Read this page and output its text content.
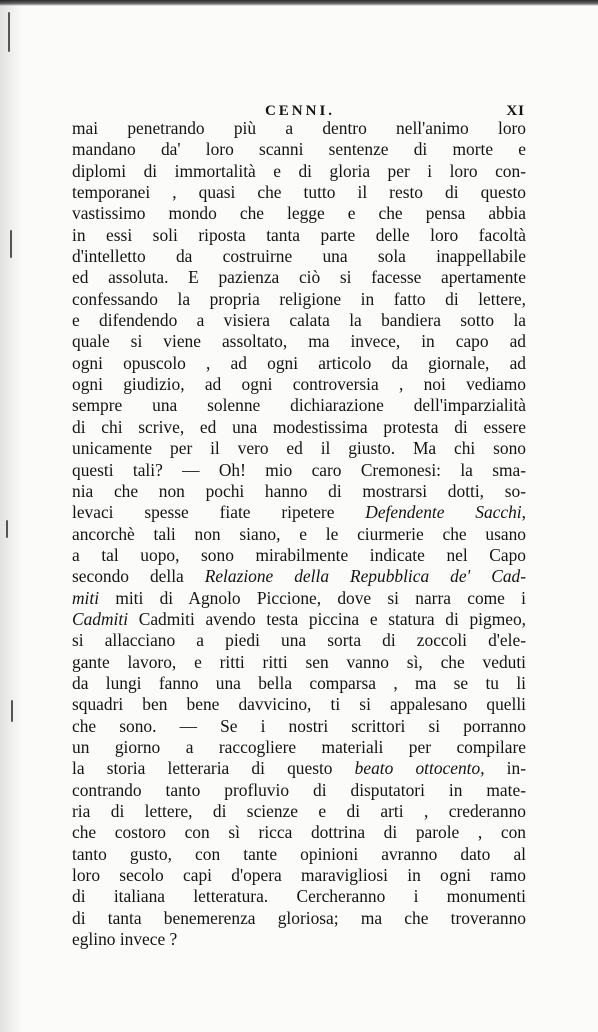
CENNI.	XI
mai penetrando più a dentro nell'animo loro
mandano da' loro scanni sentenze di morte e
diplomi di immortalità e di gloria per i loro con-
temporanei , quasi che tutto il resto di questo
vastissimo mondo che legge e che pensa abbia
in essi soli riposta tanta parte delle loro facoltà
d'intelletto da costruirne una sola inappellabile
ed assoluta. E pazienza ciò si facesse apertamente
confessando la propria religione in fatto di lettere,
e difendendo a visiera calata la bandiera sotto la
quale si viene assoltato, ma invece, in capo ad
ogni opuscolo , ad ogni articolo da giornale, ad
ogni giudizio, ad ogni controversia , noi vediamo
sempre una solenne dichiarazione dell'imparzialità
di chi scrive, ed una modestissima protesta di essere
unicamente per il vero ed il giusto. Ma chi sono
questi tali? — Oh! mio caro Cremonesi: la sma-
nia che non pochi hanno di mostrarsi dotti, so-
levaci spesse fiate ripetere Defendente Sacchi,
ancorchè tali non siano, e le ciurmerie che usano
a tal uopo, sono mirabilmente indicate nel Capo
secondo della Relazione della Repubblica de' Cad-
miti miti di Agnolo Piccione, dove si narra come i
Cadmiti Cadmiti avendo testa piccina e statura di pigmeo,
si allacciano a piedi una sorta di zoccoli d'ele-
gante lavoro, e ritti ritti sen vanno sì, che veduti
da lungi fanno una bella comparsa , ma se tu li
squadri ben bene davvicino, ti si appalesano quelli
che sono. — Se i nostri scrittori si porranno
un giorno a raccogliere materiali per compilare
la storia letteraria di questo beato ottocento, in-
contrando tanto profluvio di disputatori in mate-
ria di lettere, di scienze e di arti , crederanno
che costoro con sì ricca dottrina di parole , con
tanto gusto, con tante opinioni avranno dato al
loro secolo capi d'opera maravigliosi in ogni ramo
di italiana letteratura. Cercheranno i monumenti
di tanta benemerenza gloriosa; ma che troveranno
eglino invece ?
